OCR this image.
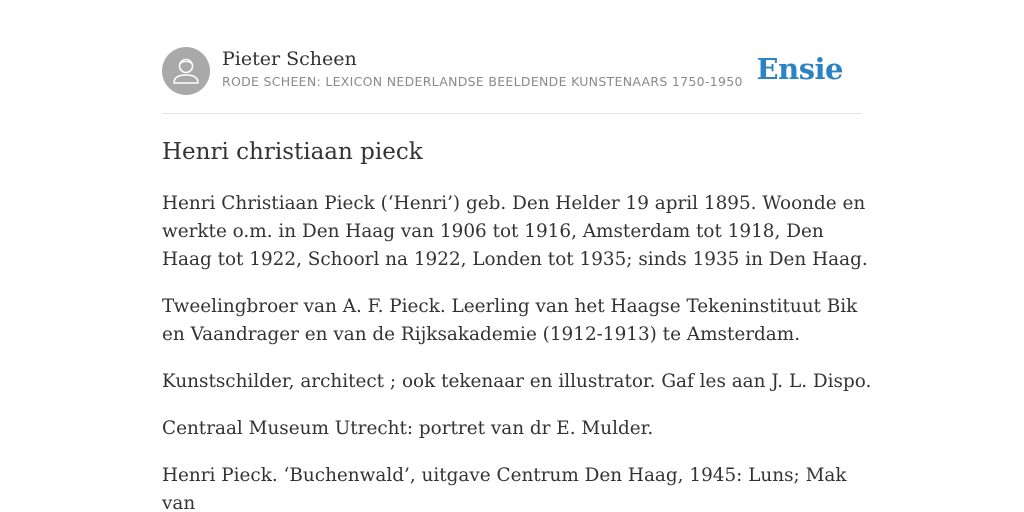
Pieter Scheen
RODE SCHEEN: LEXICON NEDERLANDSE BEELDENDE KUNSTENAARS 1750-1950 Ensie
Henri christiaan pieck

Henri Christiaan Pieck (‘Henri’) geb. Den Helder 19 april 1895. Woonde en werkte o.m. in Den Haag van 1906 tot 1916, Amsterdam tot 1918, Den Haag tot 1922, Schoorl na 1922, Londen tot 1935; sinds 1935 in Den Haag.

Tweelingbroer van A. F. Pieck. Leerling van het Haagse Tekeninstituut Bik en Vaandrager en van de Rijksakademie (1912-1913) te Amsterdam.

Kunstschilder, architect ; ook tekenaar en illustrator. Gaf les aan J. L. Dispo.

Centraal Museum Utrecht: portret van dr E. Mulder.

Henri Pieck. ‘Buchenwald’, uitgave Centrum Den Haag, 1945: Luns; Mak van
